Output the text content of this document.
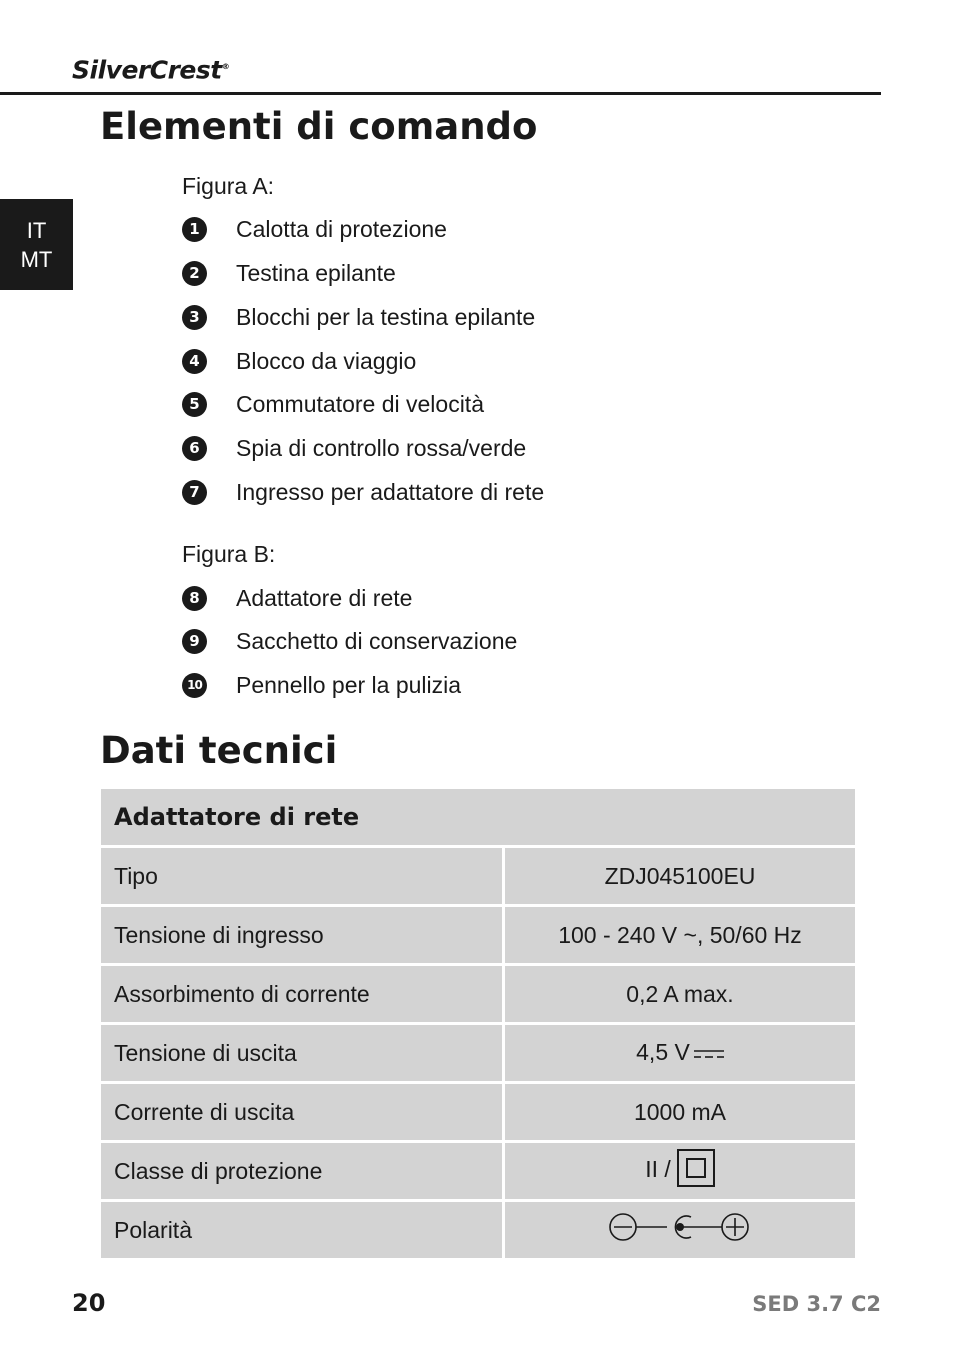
SilverCrest®
IT
MT
Elementi di comando
Figura A:
1	Calotta di protezione
2	Testina epilante
3	Blocchi per la testina epilante
4	Blocco da viaggio
5	Commutatore di velocità
6	Spia di controllo rossa/verde
7	Ingresso per adattatore di rete
Figura B:
8	Adattatore di rete
9	Sacchetto di conservazione
10 Pennello per la pulizia
Dati tecnici
Adattatore di rete	
Tipo	ZDJ045100EU
Tensione di ingresso	100 - 240 V ~, 50/60 Hz
Assorbimento di corrente	0,2 A max.
Tensione di uscita	4,5 V
Corrente di uscita	1000 mA
Classe di protezione	II /
Polarità	
20	SED 3.7 C2
